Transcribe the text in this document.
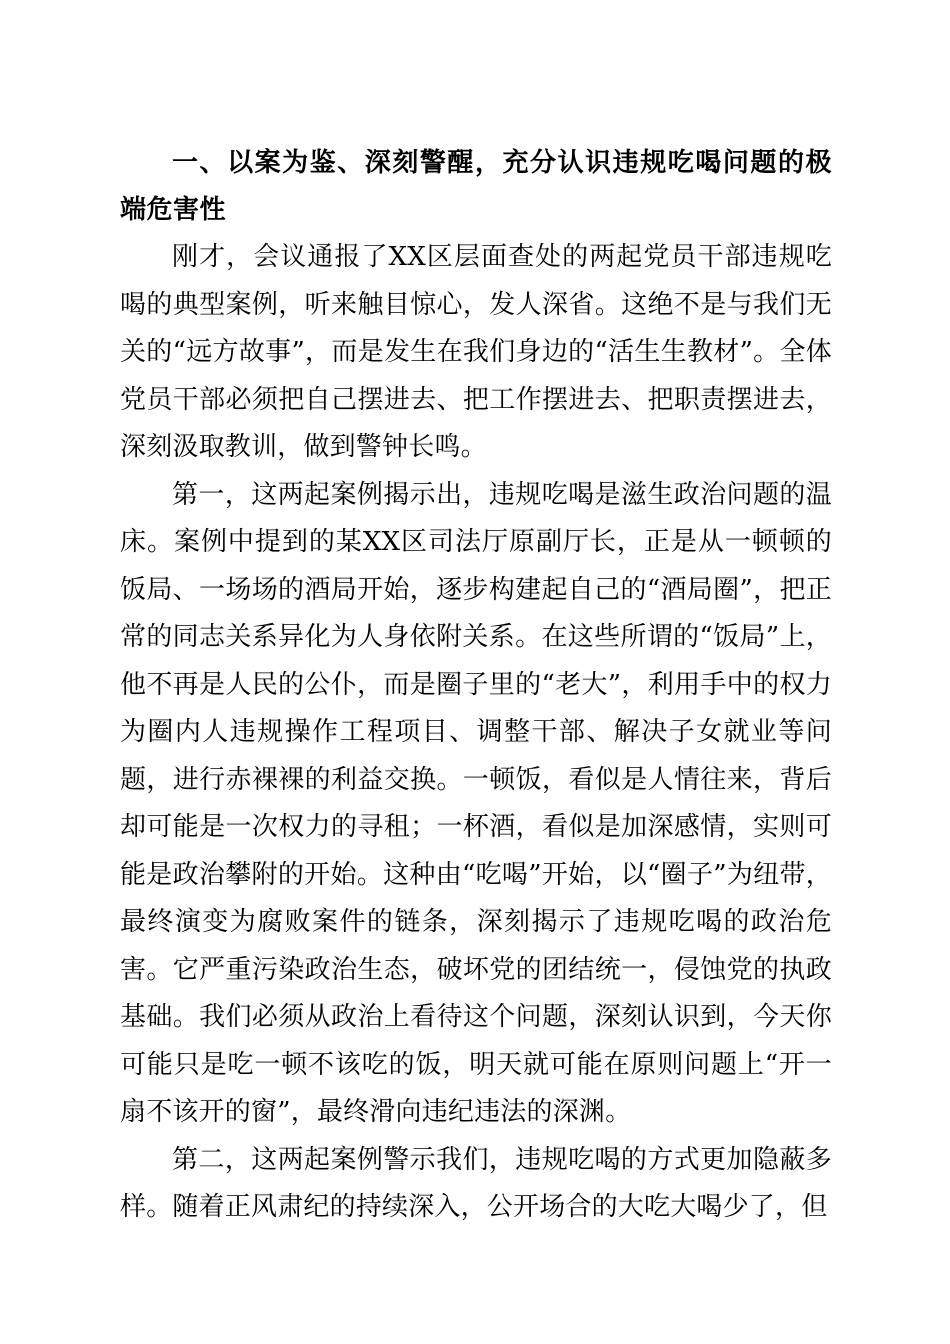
一、以案为鉴、深刻警醒，充分认识违规吃喝问题的极端危害性

刚才，会议通报了XX区层面查处的两起党员干部违规吃喝的典型案例，听来触目惊心，发人深省。这绝不是与我们无关的“远方故事”，而是发生在我们身边的“活生生教材”。全体党员干部必须把自己摆进去、把工作摆进去、把职责摆进去，深刻汲取教训，做到警钟长鸣。

第一，这两起案例揭示出，违规吃喝是滋生政治问题的温床。案例中提到的某XX区司法厅原副厅长，正是从一顿顿的饭局、一场场的酒局开始，逐步构建起自己的“酒局圈”，把正常的同志关系异化为人身依附关系。在这些所谓的“饭局”上，他不再是人民的公仆，而是圈子里的“老大”，利用手中的权力为圈内人违规操作工程项目、调整干部、解决子女就业等问题，进行赤裸裸的利益交换。一顿饭，看似是人情往来，背后却可能是一次权力的寻租；一杯酒，看似是加深感情，实则可能是政治攀附的开始。这种由“吃喝”开始，以“圈子”为纽带，最终演变为腐败案件的链条，深刻揭示了违规吃喝的政治危害。它严重污染政治生态，破坏党的团结统一，侵蚀党的执政基础。我们必须从政治上看待这个问题，深刻认识到，今天你可能只是吃一顿不该吃的饭，明天就可能在原则问题上“开一扇不该开的窗”，最终滑向违纪违法的深渊。

第二，这两起案例警示我们，违规吃喝的方式更加隐蔽多样。随着正风肃纪的持续深入，公开场合的大吃大喝少了，但
